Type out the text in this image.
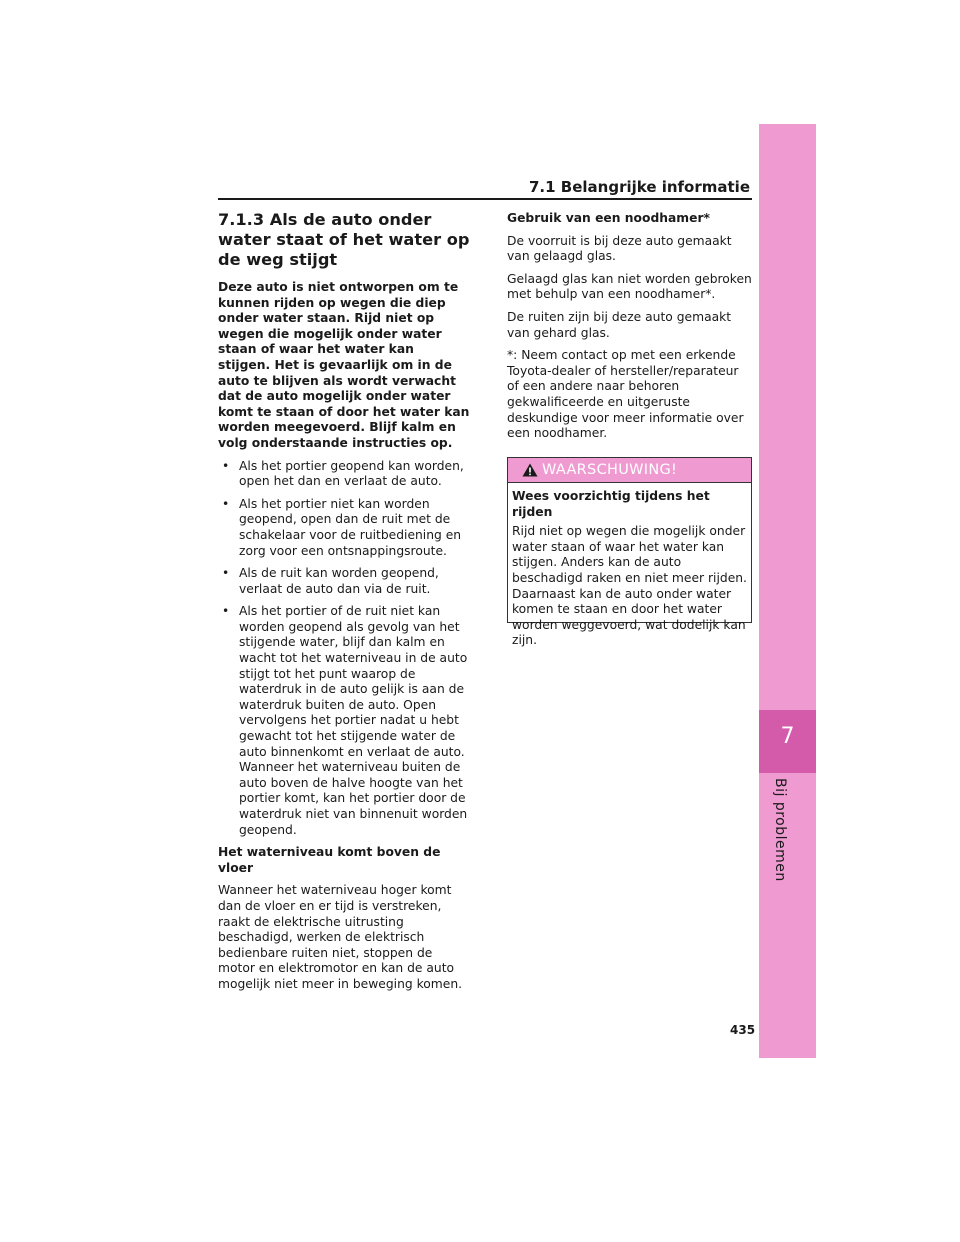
7
Bij problemen
7.1 Belangrijke informatie
7.1.3 Als de auto onder water staat of het water op de weg stijgt

Deze auto is niet ontworpen om te kunnen rijden op wegen die diep onder water staan. Rijd niet op wegen die mogelijk onder water staan of waar het water kan stijgen. Het is gevaarlijk om in de auto te blijven als wordt verwacht dat de auto mogelijk onder water komt te staan of door het water kan worden meegevoerd. Blijf kalm en volg onderstaande instructies op.

• Als het portier geopend kan worden, open het dan en verlaat de auto.
• Als het portier niet kan worden geopend, open dan de ruit met de schakelaar voor de ruitbediening en zorg voor een ontsnappingsroute.
• Als de ruit kan worden geopend, verlaat de auto dan via de ruit.
• Als het portier of de ruit niet kan worden geopend als gevolg van het stijgende water, blijf dan kalm en wacht tot het waterniveau in de auto stijgt tot het punt waarop de waterdruk in de auto gelijk is aan de waterdruk buiten de auto. Open vervolgens het portier nadat u hebt gewacht tot het stijgende water de auto binnenkomt en verlaat de auto. Wanneer het waterniveau buiten de auto boven de halve hoogte van het portier komt, kan het portier door de waterdruk niet van binnenuit worden geopend.

Het waterniveau komt boven de vloer

Wanneer het waterniveau hoger komt dan de vloer en er tijd is verstreken, raakt de elektrische uitrusting beschadigd, werken de elektrisch bedienbare ruiten niet, stoppen de motor en elektromotor en kan de auto mogelijk niet meer in beweging komen.

Gebruik van een noodhamer*

De voorruit is bij deze auto gemaakt van gelaagd glas.

Gelaagd glas kan niet worden gebroken met behulp van een noodhamer*.

De ruiten zijn bij deze auto gemaakt van gehard glas.

*: Neem contact op met een erkende Toyota-dealer of hersteller/reparateur of een andere naar behoren gekwalificeerde en uitgeruste deskundige voor meer informatie over een noodhamer.

WAARSCHUWING!

Wees voorzichtig tijdens het rijden

Rijd niet op wegen die mogelijk onder water staan of waar het water kan stijgen. Anders kan de auto beschadigd raken en niet meer rijden. Daarnaast kan de auto onder water komen te staan en door het water worden weggevoerd, wat dodelijk kan zijn.

435
